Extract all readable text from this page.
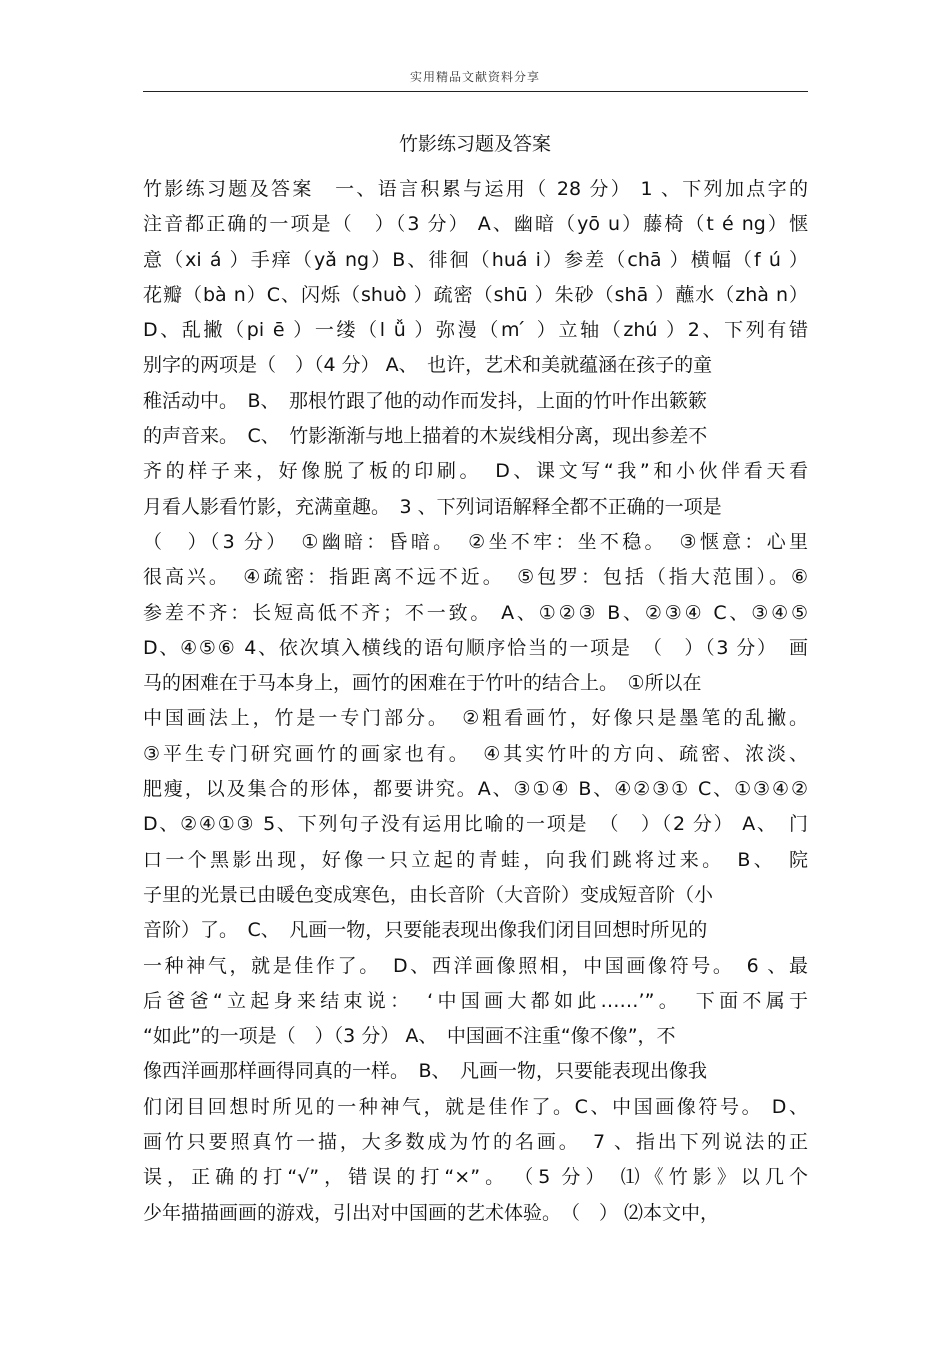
实用精品文献资料分享
竹影练习题及答案
竹影练习题及答案　一、语言积累与运用（ 28 分） 1 、下列加点字的
注音都正确的一项是（　）（3 分） A、幽暗（yō u）藤椅（t é ng）惬
意（xi á ）手痒（yǎ ng）B、徘徊（huá i）参差（chā ）横幅（f ú ）
花瓣（bà n）C、闪烁（shuò ）疏密（shū ）朱砂（shā ）蘸水（zhà n）
D、乱撇（pi ē ）一缕（l ǚ ）弥漫（m ́ ）立轴（zhú ）2、下列有错
别字的两项是（　）（4 分） A、　也许，艺术和美就蕴涵在孩子的童
稚活动中。　B、　那根竹跟了他的动作而发抖，上面的竹叶作出簌簌
的声音来。　C、　竹影渐渐与地上描着的木炭线相分离，现出参差不
齐的样子来，好像脱了板的印刷。　D、课文写“我”和小伙伴看天看
月看人影看竹影，充满童趣。　3 、下列词语解释全都不正确的一项是
（　）（3 分）　①幽暗：昏暗。　②坐不牢：坐不稳。　③惬意：心里
很高兴。　④疏密：指距离不远不近。　⑤包罗：包括（指大范围）。⑥
参差不齐：长短高低不齐；不一致。 A、①②③ B、②③④ C、③④⑤
D、④⑤⑥ 4、依次填入横线的语句顺序恰当的一项是　（　）（3 分）　画
马的困难在于马本身上，画竹的困难在于竹叶的结合上。　①所以在
中国画法上，竹是一专门部分。　②粗看画竹，好像只是墨笔的乱撇。
③平生专门研究画竹的画家也有。　④其实竹叶的方向、疏密、浓淡、
肥瘦，以及集合的形体，都要讲究。A、③①④ B、④②③① C、①③④②
D、②④①③ 5、下列句子没有运用比喻的一项是　（　）（2 分） A、　门
口一个黑影出现，好像一只立起的青蛙，向我们跳将过来。　B、　院
子里的光景已由暖色变成寒色，由长音阶（大音阶）变成短音阶（小
音阶）了。　C、　凡画一物，只要能表现出像我们闭目回想时所见的
一种神气，就是佳作了。　D、西洋画像照相，中国画像符号。　6 、最
后爸爸“立起身来结束说：　‘中国画大都如此……’”。　下面不属于
“如此”的一项是（　）（3 分） A、　中国画不注重“像不像”，不
像西洋画那样画得同真的一样。　B、　凡画一物，只要能表现出像我
们闭目回想时所见的一种神气，就是佳作了。C、中国画像符号。 D、
画竹只要照真竹一描，大多数成为竹的名画。　7 、指出下列说法的正
误，正确的打“√”，错误的打“×”。　（5 分） ⑴《竹影》以几个
少年描描画画的游戏，引出对中国画的艺术体验。　（　） ⑵本文中，
